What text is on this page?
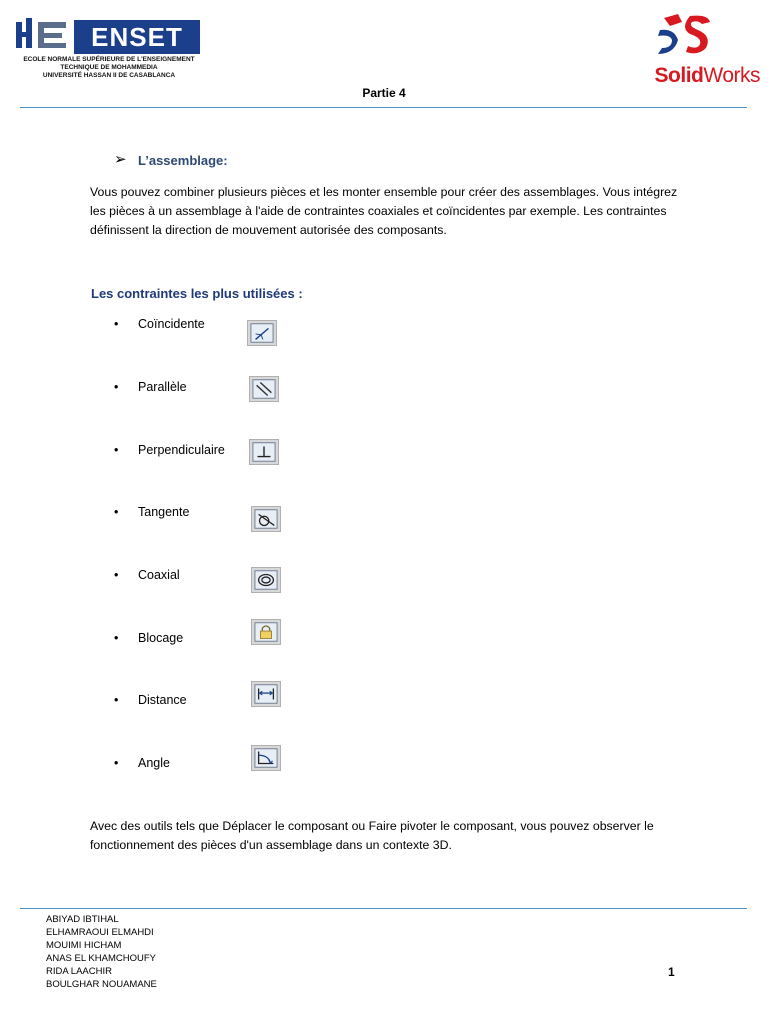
ENSET
ECOLE NORMALE SUPÉRIEURE DE L'ENSEIGNEMENT
TECHNIQUE DE MOHAMMEDIA
UNIVERSITÉ HASSAN II DE CASABLANCA	SolidWorks
Partie 4
➢ L’assemblage:
Vous pouvez combiner plusieurs pièces et les monter ensemble pour créer des assemblages. Vous intégrez les pièces à un assemblage à l'aide de contraintes coaxiales et coïncidentes par exemple. Les contraintes définissent la direction de mouvement autorisée des composants.
Les contraintes les plus utilisées :
• Coïncidente
• Parallèle
• Perpendiculaire
• Tangente
• Coaxial
• Blocage
• Distance
• Angle
Avec des outils tels que Déplacer le composant ou Faire pivoter le composant, vous pouvez observer le fonctionnement des pièces d'un assemblage dans un contexte 3D.
ABIYAD IBTIHAL
ELHAMRAOUI ELMAHDI
MOUIMI HICHAM
ANAS EL KHAMCHOUFY
RIDA LAACHIR
BOULGHAR NOUAMANE
1
